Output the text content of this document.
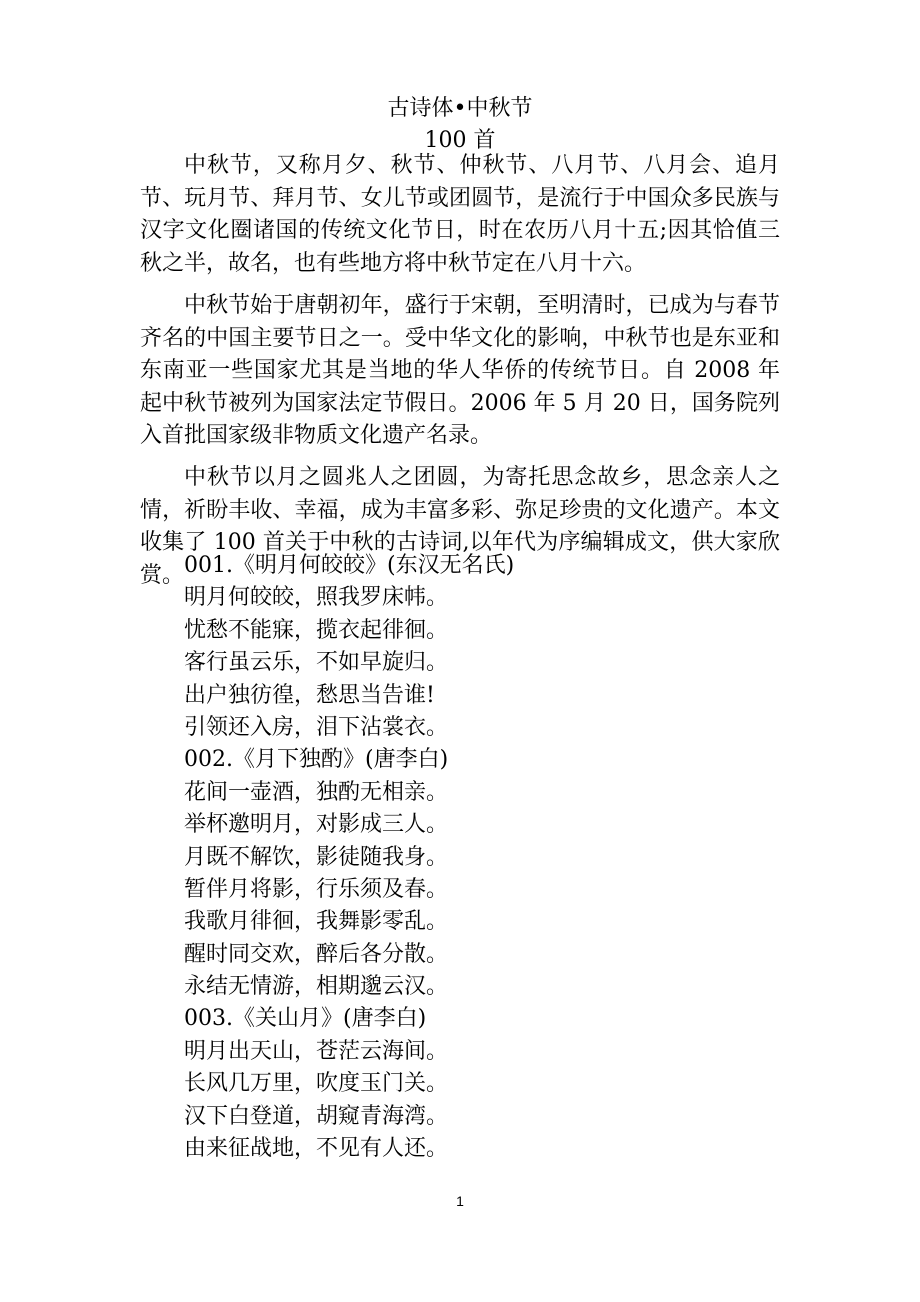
古诗体•中秋节
100 首

中秋节，又称月夕、秋节、仲秋节、八月节、八月会、追月节、玩月节、拜月节、女儿节或团圆节，是流行于中国众多民族与汉字文化圈诸国的传统文化节日，时在农历八月十五;因其恰值三秋之半，故名，也有些地方将中秋节定在八月十六。

中秋节始于唐朝初年，盛行于宋朝，至明清时，已成为与春节齐名的中国主要节日之一。受中华文化的影响，中秋节也是东亚和东南亚一些国家尤其是当地的华人华侨的传统节日。自 2008 年起中秋节被列为国家法定节假日。2006 年 5 月 20 日，国务院列入首批国家级非物质文化遗产名录。

中秋节以月之圆兆人之团圆，为寄托思念故乡，思念亲人之情，祈盼丰收、幸福，成为丰富多彩、弥足珍贵的文化遗产。本文收集了 100 首关于中秋的古诗词,以年代为序编辑成文，供大家欣赏。 001.《明月何皎皎》(东汉无名氏)
明月何皎皎，照我罗床帏。
忧愁不能寐，揽衣起徘徊。
客行虽云乐，不如早旋归。
出户独彷徨，愁思当告谁!
引领还入房，泪下沾裳衣。
002.《月下独酌》(唐李白)
花间一壶酒，独酌无相亲。
举杯邀明月，对影成三人。
月既不解饮，影徒随我身。
暂伴月将影，行乐须及春。
我歌月徘徊，我舞影零乱。
醒时同交欢，醉后各分散。
永结无情游，相期邈云汉。
003.《关山月》(唐李白)
明月出天山，苍茫云海间。
长风几万里，吹度玉门关。
汉下白登道，胡窥青海湾。
由来征战地，不见有人还。
1
